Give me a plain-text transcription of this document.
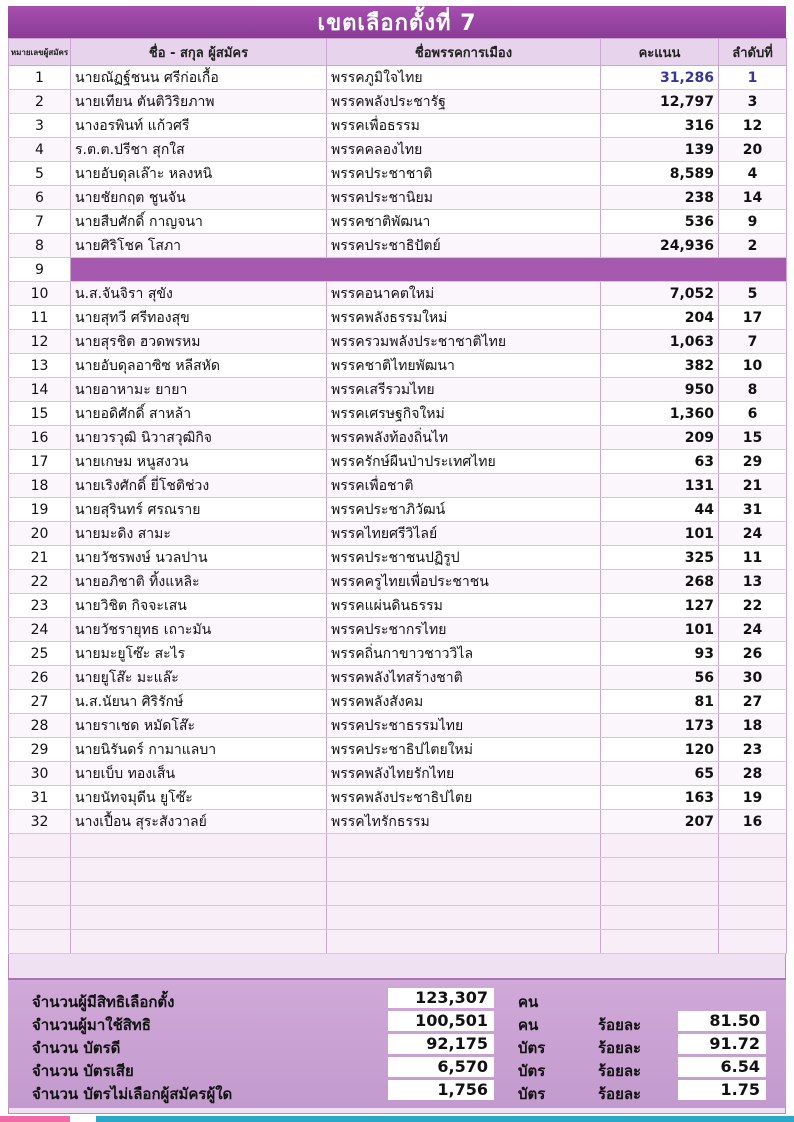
เขตเลือกตั้งที่ 7
หมายเลขผู้สมัคร	ชื่อ - สกุล ผู้สมัคร	ชื่อพรรคการเมือง	คะแนน	ลำดับที่
1	นายณัฏฐ์ชนน ศรีก่อเกื้อ	พรรคภูมิใจไทย	31,286	1
2	นายเทียน ตันติวิริยภาพ	พรรคพลังประชารัฐ	12,797	3
3	นางอรพินท์ แก้วศรี	พรรคเพื่อธรรม	316	12
4	ร.ต.ต.ปรีชา สุกใส	พรรคคลองไทย	139	20
5	นายอับดุลเล๊าะ หลงหนิ	พรรคประชาชาติ	8,589	4
6	นายชัยกฤต ชูนจัน	พรรคประชานิยม	238	14
7	นายสืบศักดิ์ กาญจนา	พรรคชาติพัฒนา	536	9
8	นายศิริโชค โสภา	พรรคประชาธิปัตย์	24,936	2
9				
10	น.ส.จันจิรา สุขัง	พรรคอนาคตใหม่	7,052	5
11	นายสุทวี ศรีทองสุข	พรรคพลังธรรมใหม่	204	17
12	นายสุรชิต ฮวดพรหม	พรรครวมพลังประชาชาติไทย	1,063	7
13	นายอับดุลอาซิซ หลีสหัด	พรรคชาติไทยพัฒนา	382	10
14	นายอาหามะ ยายา	พรรคเสรีรวมไทย	950	8
15	นายอดิศักดิ์ สาหล้า	พรรคเศรษฐกิจใหม่	1,360	6
16	นายวรวุฒิ นิวาสวุฒิกิจ	พรรคพลังท้องถิ่นไท	209	15
17	นายเกษม หนูสงวน	พรรครักษ์ผืนป่าประเทศไทย	63	29
18	นายเริงศักดิ์ ยี่โชติช่วง	พรรคเพื่อชาติ	131	21
19	นายสุรินทร์ ศรณราย	พรรคประชาภิวัฒน์	44	31
20	นายมะดิง สามะ	พรรคไทยศรีวิไลย์	101	24
21	นายวัชรพงษ์ นวลปาน	พรรคประชาชนปฏิรูป	325	11
22	นายอภิชาติ ทิ้งแหลิะ	พรรคครูไทยเพื่อประชาชน	268	13
23	นายวิชิต กิจจะเสน	พรรคแผ่นดินธรรม	127	22
24	นายวัชรายุทธ เถาะมัน	พรรคประชากรไทย	101	24
25	นายมะยูโซ๊ะ สะไร	พรรคถิ่นกาขาวชาววิไล	93	26
26	นายยูโส๊ะ มะแล๊ะ	พรรคพลังไทสร้างชาติ	56	30
27	น.ส.นัยนา ศิริรักษ์	พรรคพลังสังคม	81	27
28	นายราเชด หมัดโส๊ะ	พรรคประชาธรรมไทย	173	18
29	นายนิรันดร์ กามาแลบา	พรรคประชาธิปไตยใหม่	120	23
30	นายเบ็บ ทองเส็น	พรรคพลังไทยรักไทย	65	28
31	นายนัทจมุดีน ยูโซ๊ะ	พรรคพลังประชาธิปไตย	163	19
32	นางเปื้อน สุระสังวาลย์	พรรคไทรักธรรม	207	16

จำนวนผู้มีสิทธิเลือกตั้ง	123,307	คน
จำนวนผู้มาใช้สิทธิ	100,501	คน	ร้อยละ	81.50
จำนวน บัตรดี	92,175	บัตร	ร้อยละ	91.72
จำนวน บัตรเสีย	6,570	บัตร	ร้อยละ	6.54
จำนวน บัตรไม่เลือกผู้สมัครผู้ใด	1,756	บัตร	ร้อยละ	1.75
